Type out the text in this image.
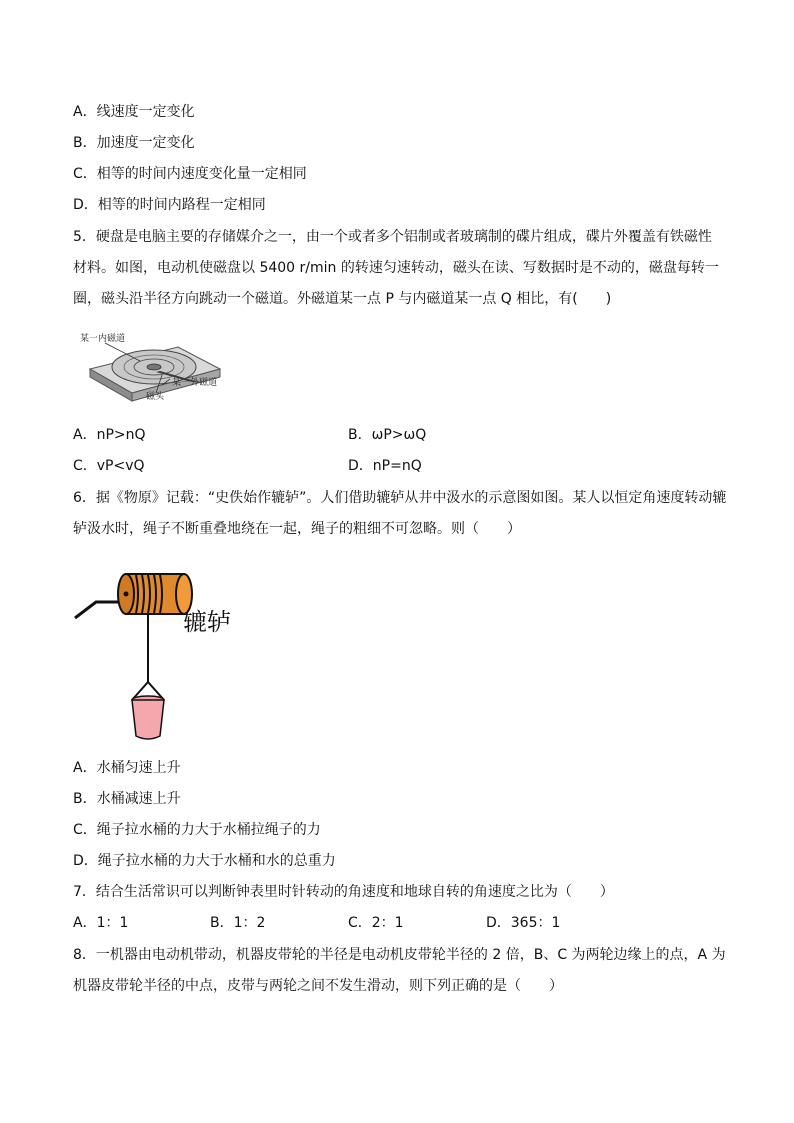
A．线速度一定变化
B．加速度一定变化
C．相等的时间内速度变化量一定相同
D．相等的时间内路程一定相同
5．硬盘是电脑主要的存储媒介之一，由一个或者多个铝制或者玻璃制的碟片组成，碟片外覆盖有铁磁性
材料。如图，电动机使磁盘以 5400 r/min 的转速匀速转动，磁头在读、写数据时是不动的，磁盘每转一
圈，磁头沿半径方向跳动一个磁道。外磁道某一点 P 与内磁道某一点 Q 相比，有(　　)
某一内磁道
某一外磁道
磁头
A．nP>nQ	B．ωP>ωQ
C．vP<vQ	D．nP=nQ
6．据《物原》记载：“史佚始作辘轳”。人们借助辘轳从井中汲水的示意图如图。某人以恒定角速度转动辘
轳汲水时，绳子不断重叠地绕在一起，绳子的粗细不可忽略。则（　　）
辘轳
A．水桶匀速上升
B．水桶减速上升
C．绳子拉水桶的力大于水桶拉绳子的力
D．绳子拉水桶的力大于水桶和水的总重力
7．结合生活常识可以判断钟表里时针转动的角速度和地球自转的角速度之比为（　　）
A．1：1	B．1：2	C．2：1	D．365：1
8．一机器由电动机带动，机器皮带轮的半径是电动机皮带轮半径的 2 倍，B、C 为两轮边缘上的点，A 为
机器皮带轮半径的中点，皮带与两轮之间不发生滑动，则下列正确的是（　　）
